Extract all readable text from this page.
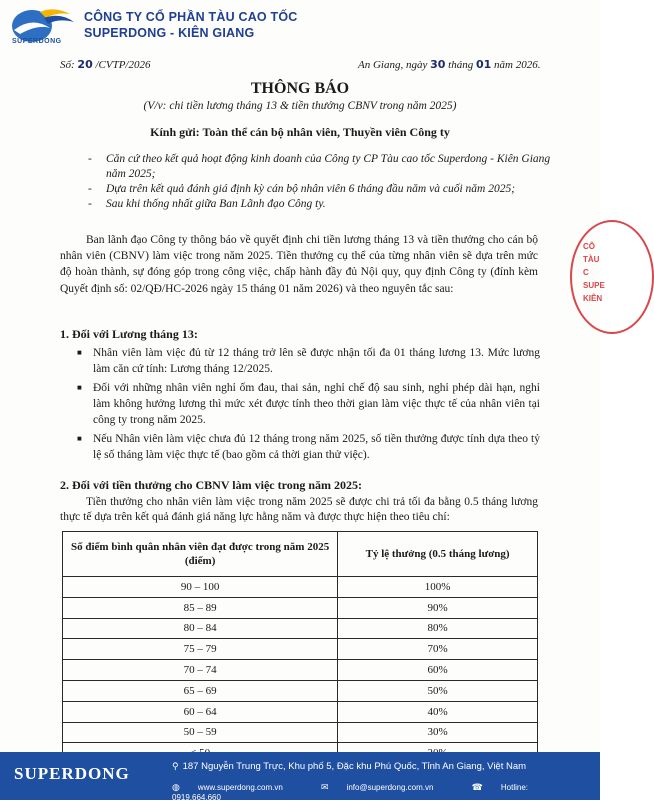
SUPERDONG
CÔNG TY CỔ PHẦN TÀU CAO TỐC
SUPERDONG - KIÊN GIANG
Số: 20 /CVTP/2026	An Giang, ngày 30 tháng 01 năm 2026.
THÔNG BÁO
(V/v: chi tiền lương tháng 13 & tiền thưởng CBNV trong năm 2025)
Kính gửi: Toàn thể cán bộ nhân viên, Thuyền viên Công ty
- Căn cứ theo kết quả hoạt động kinh doanh của Công ty CP Tàu cao tốc Superdong - Kiên Giang năm 2025;
- Dựa trên kết quả đánh giá định kỳ cán bộ nhân viên 6 tháng đầu năm và cuối năm 2025;
- Sau khi thống nhất giữa Ban Lãnh đạo Công ty.
Ban lãnh đạo Công ty thông báo về quyết định chi tiền lương tháng 13 và tiền thưởng cho cán bộ nhân viên (CBNV) làm việc trong năm 2025. Tiền thưởng cụ thể của từng nhân viên sẽ dựa trên mức độ hoàn thành, sự đóng góp trong công việc, chấp hành đầy đủ Nội quy, quy định Công ty (đính kèm Quyết định số: 02/QĐ/HC-2026 ngày 15 tháng 01 năm 2026) và theo nguyên tắc sau:
1. Đối với Lương tháng 13:
■ Nhân viên làm việc đủ từ 12 tháng trở lên sẽ được nhận tối đa 01 tháng lương 13. Mức lương làm căn cứ tính: Lương tháng 12/2025.
■ Đối với những nhân viên nghỉ ốm đau, thai sản, nghỉ chế độ sau sinh, nghỉ phép dài hạn, nghỉ làm không hưởng lương thì mức xét được tính theo thời gian làm việc thực tế của nhân viên tại công ty trong năm 2025.
■ Nếu Nhân viên làm việc chưa đủ 12 tháng trong năm 2025, số tiền thưởng được tính dựa theo tỷ lệ số tháng làm việc thực tế (bao gồm cả thời gian thử việc).
2. Đối với tiền thưởng cho CBNV làm việc trong năm 2025:
Tiền thưởng cho nhân viên làm việc trong năm 2025 sẽ được chi trả tối đa bằng 0.5 tháng lương thực tế dựa trên kết quả đánh giá năng lực hằng năm và được thực hiện theo tiêu chí:
Số điểm bình quân nhân viên đạt được trong năm 2025 (điểm)	Tỷ lệ thưởng (0.5 tháng lương)
90 – 100	100%
85 – 89	90%
80 – 84	80%
75 – 79	70%
70 – 74	60%
65 – 69	50%
60 – 64	40%
50 – 59	30%

CÔ
TÀU C
SUPE
KIÊN
SUPERDONG	⚲ 187 Nguyễn Trung Trực, Khu phố 5, Đặc khu Phú Quốc, Tỉnh An Giang, Việt Nam
◍ www.superdong.com.vn	✉ info@superdong.com.vn	☎ Hotline: 0919.664.660
